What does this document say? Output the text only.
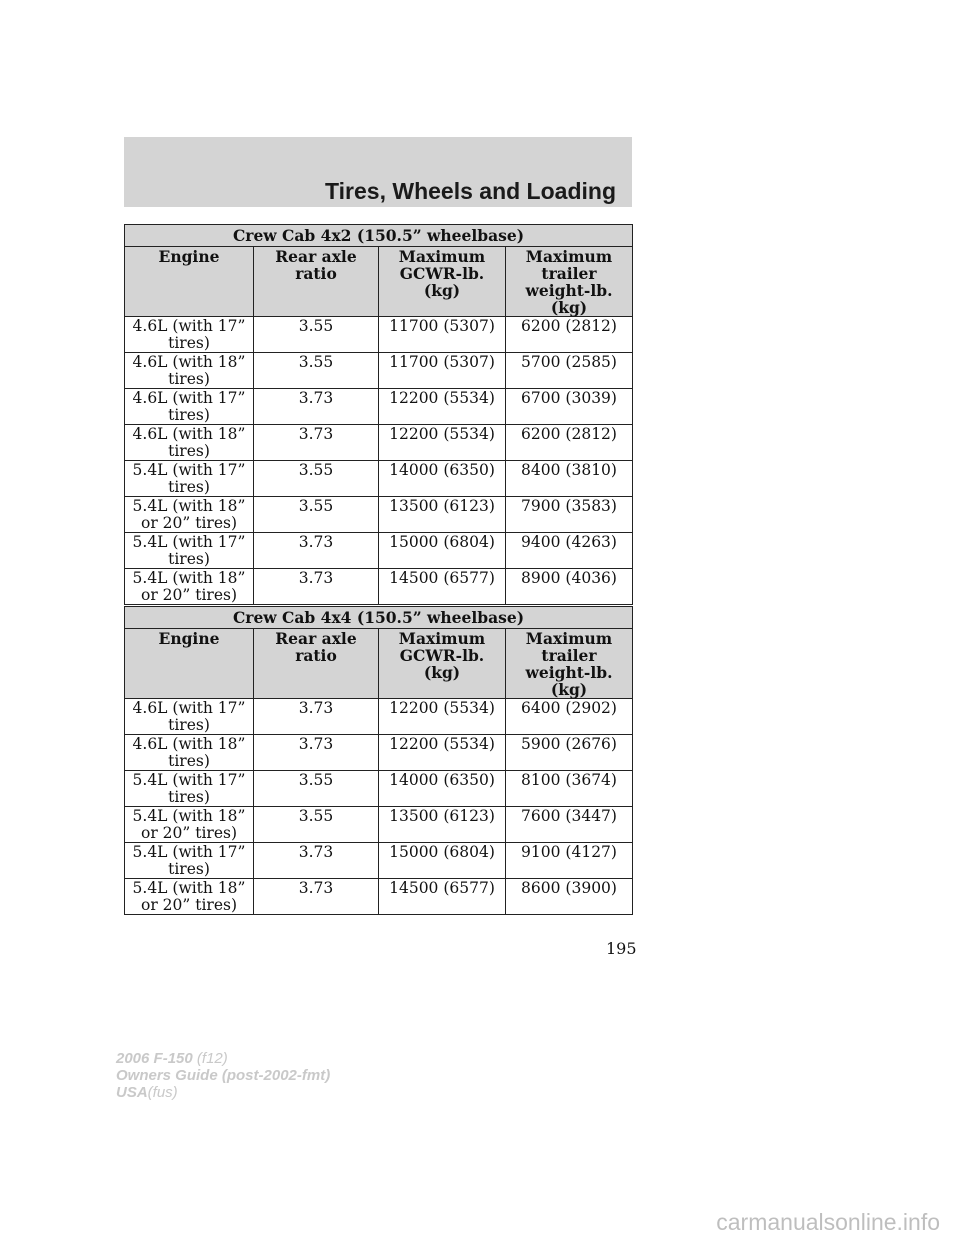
Tires, Wheels and Loading
Crew Cab 4x2 (150.5” wheelbase)			
Engine	Rear axle ratio	Maximum GCWR-lb. (kg)	Maximum trailer weight-lb. (kg)
4.6L (with 17” tires)	3.55	11700 (5307)	6200 (2812)
4.6L (with 18” tires)	3.55	11700 (5307)	5700 (2585)
4.6L (with 17” tires)	3.73	12200 (5534)	6700 (3039)
4.6L (with 18” tires)	3.73	12200 (5534)	6200 (2812)
5.4L (with 17” tires)	3.55	14000 (6350)	8400 (3810)
5.4L (with 18” or 20” tires)	3.55	13500 (6123)	7900 (3583)
5.4L (with 17” tires)	3.73	15000 (6804)	9400 (4263)
5.4L (with 18” or 20” tires)	3.73	14500 (6577)	8900 (4036)
Crew Cab 4x4 (150.5” wheelbase)			
Engine	Rear axle ratio	Maximum GCWR-lb. (kg)	Maximum trailer weight-lb. (kg)
4.6L (with 17” tires)	3.73	12200 (5534)	6400 (2902)
4.6L (with 18” tires)	3.73	12200 (5534)	5900 (2676)
5.4L (with 17” tires)	3.55	14000 (6350)	8100 (3674)
5.4L (with 18” or 20” tires)	3.55	13500 (6123)	7600 (3447)
5.4L (with 17” tires)	3.73	15000 (6804)	9100 (4127)
5.4L (with 18” or 20” tires)	3.73	14500 (6577)	8600 (3900)
195
2006 F-150 (f12)
Owners Guide (post-2002-fmt)
USA(fus)
carmanualsonline.info
